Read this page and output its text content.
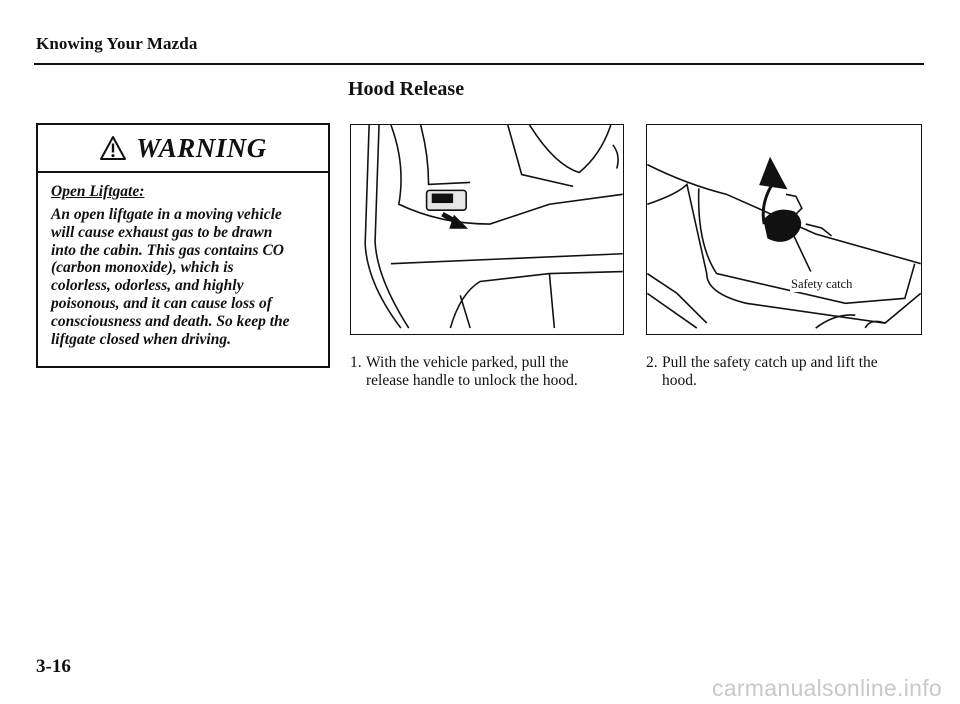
Knowing Your Mazda
Hood Release
WARNING
Open Liftgate:
An open liftgate in a moving vehicle
will cause exhaust gas to be drawn
into the cabin. This gas contains CO
(carbon monoxide), which is
colorless, odorless, and highly
poisonous, and it can cause loss of
consciousness and death. So keep the
liftgate closed when driving.
Safety catch
1. With the vehicle parked, pull the release handle to unlock the hood.
2. Pull the safety catch up and lift the hood.
3-16
carmanualsonline.info
